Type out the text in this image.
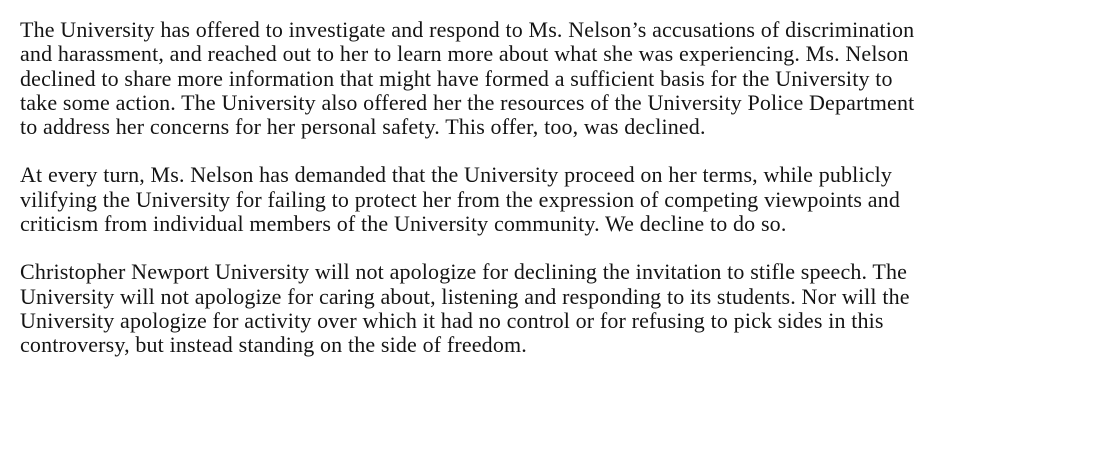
The University has offered to investigate and respond to Ms. Nelson’s accusations of discrimination
and harassment, and reached out to her to learn more about what she was experiencing. Ms. Nelson
declined to share more information that might have formed a sufficient basis for the University to
take some action. The University also offered her the resources of the University Police Department
to address her concerns for her personal safety. This offer, too, was declined.

At every turn, Ms. Nelson has demanded that the University proceed on her terms, while publicly
vilifying the University for failing to protect her from the expression of competing viewpoints and
criticism from individual members of the University community. We decline to do so.

Christopher Newport University will not apologize for declining the invitation to stifle speech. The
University will not apologize for caring about, listening and responding to its students. Nor will the
University apologize for activity over which it had no control or for refusing to pick sides in this
controversy, but instead standing on the side of freedom.
